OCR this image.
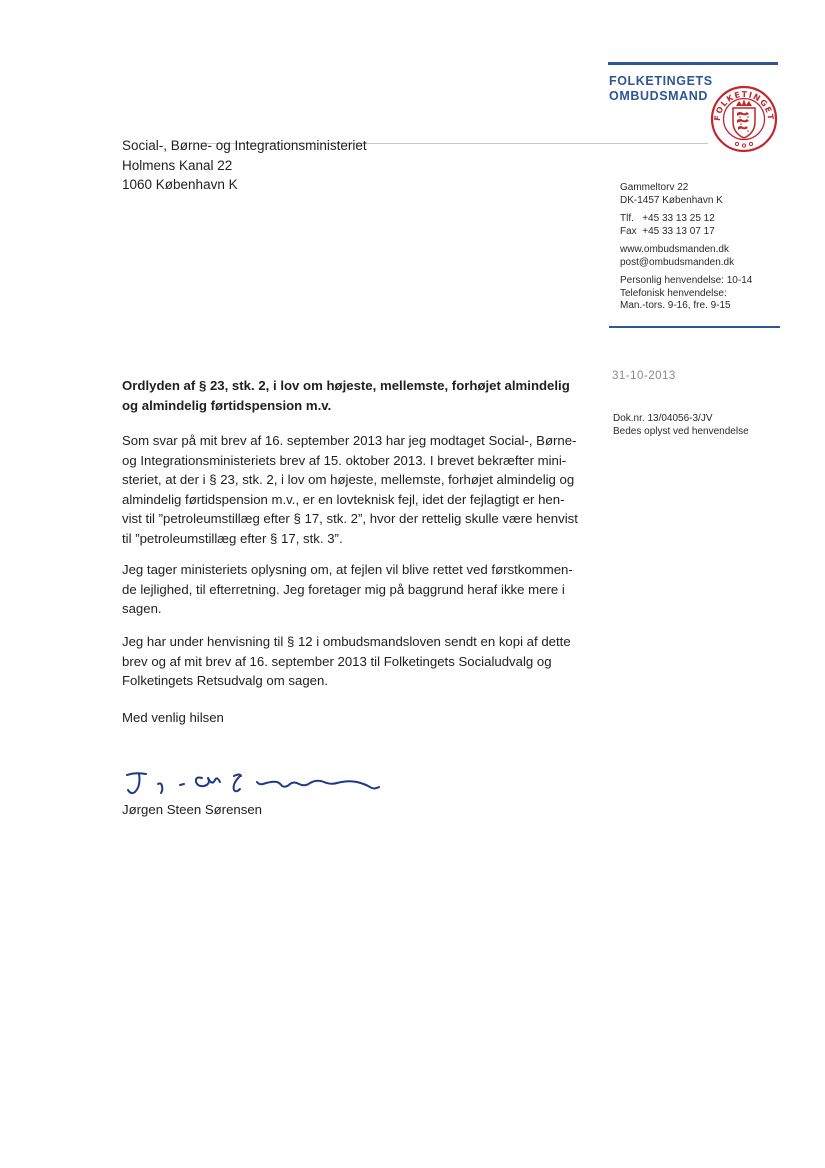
FOLKETINGETS
OMBUDSMAND
FOLKETINGET
Social-, Børne- og Integrationsministeriet
Holmens Kanal 22
1060 København K	Gammeltorv 22
DK-1457 København K
Tlf.   +45 33 13 25 12
Fax  +45 33 13 07 17
www.ombudsmanden.dk
post@ombudsmanden.dk
Personlig henvendelse: 10-14
Telefonisk henvendelse:
Man.-tors. 9-16, fre. 9-15
31-10-2013
Dok.nr. 13/04056-3/JV
Bedes oplyst ved henvendelse
Ordlyden af § 23, stk. 2, i lov om højeste, mellemste, forhøjet almindelig
og almindelig førtidspension m.v.
Som svar på mit brev af 16. september 2013 har jeg modtaget Social-, Børne-
og Integrationsministeriets brev af 15. oktober 2013. I brevet bekræfter mini-
steriet, at der i § 23, stk. 2, i lov om højeste, mellemste, forhøjet almindelig og
almindelig førtidspension m.v., er en lovteknisk fejl, idet der fejlagtigt er hen-
vist til ”petroleumstillæg efter § 17, stk. 2”, hvor der rettelig skulle være henvist
til ”petroleumstillæg efter § 17, stk. 3”.
Jeg tager ministeriets oplysning om, at fejlen vil blive rettet ved førstkommen-
de lejlighed, til efterretning. Jeg foretager mig på baggrund heraf ikke mere i
sagen.
Jeg har under henvisning til § 12 i ombudsmandsloven sendt en kopi af dette
brev og af mit brev af 16. september 2013 til Folketingets Socialudvalg og
Folketingets Retsudvalg om sagen.
Med venlig hilsen
Jørgen Steen Sørensen
